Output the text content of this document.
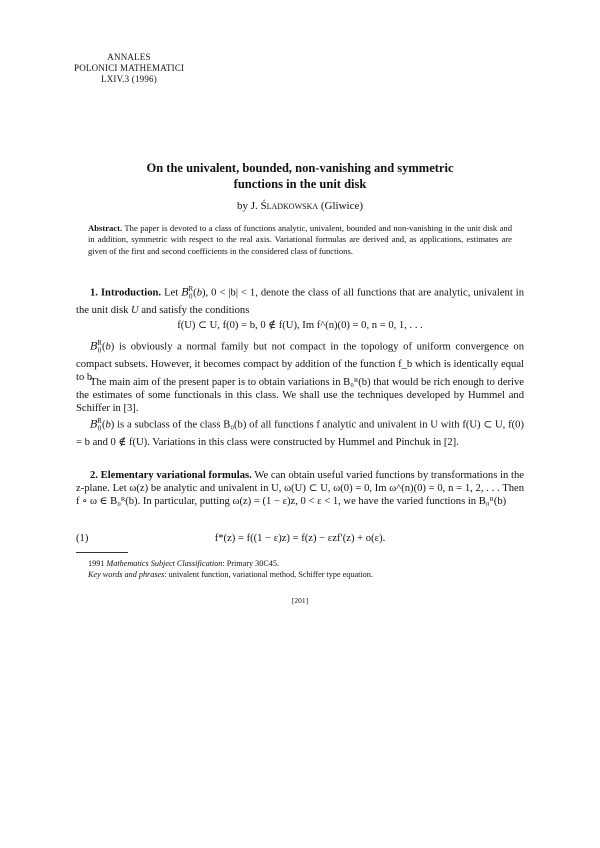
ANNALES
POLONICI MATHEMATICI
LXIV.3 (1996)
On the univalent, bounded, non-vanishing and symmetric
functions in the unit disk
by J. Śladkowska (Gliwice)
Abstract. The paper is devoted to a class of functions analytic, univalent, bounded and non-vanishing in the unit disk and in addition, symmetric with respect to the real axis. Variational formulas are derived and, as applications, estimates are given of the first and second coefficients in the considered class of functions.
1. Introduction. Let $B_0^R(b)$, 0 < |b| < 1, denote the class of all functions that are analytic, univalent in the unit disk U and satisfy the conditions
f(U) ⊂ U, f(0) = b, 0 ∉ f(U), Im f^(n)(0) = 0, n = 0, 1, . . .
$B_0^R(b)$ is obviously a normal family but not compact in the topology of uniform convergence on compact subsets. However, it becomes compact by addition of the function f_b which is identically equal to b.
The main aim of the present paper is to obtain variations in B₀ᴿ(b) that would be rich enough to derive the estimates of some functionals in this class. We shall use the techniques developed by Hummel and Schiffer in [3].
$B_0^R(b)$ is a subclass of the class B₀(b) of all functions f analytic and univalent in U with f(U) ⊂ U, f(0) = b and 0 ∉ f(U). Variations in this class were constructed by Hummel and Pinchuk in [2].
2. Elementary variational formulas. We can obtain useful varied functions by transformations in the z-plane. Let ω(z) be analytic and univalent in U, ω(U) ⊂ U, ω(0) = 0, Im ω^(n)(0) = 0, n = 1, 2, . . . Then f ∘ ω ∈ B₀ᴿ(b). In particular, putting ω(z) = (1 − ε)z, 0 < ε < 1, we have the varied functions in B₀ᴿ(b)
(1)	f*(z) = f((1 − ε)z) = f(z) − εzf′(z) + o(ε).
1991 Mathematics Subject Classification: Primary 30C45.
Key words and phrases: univalent function, variational method, Schiffer type equation.
[201]
